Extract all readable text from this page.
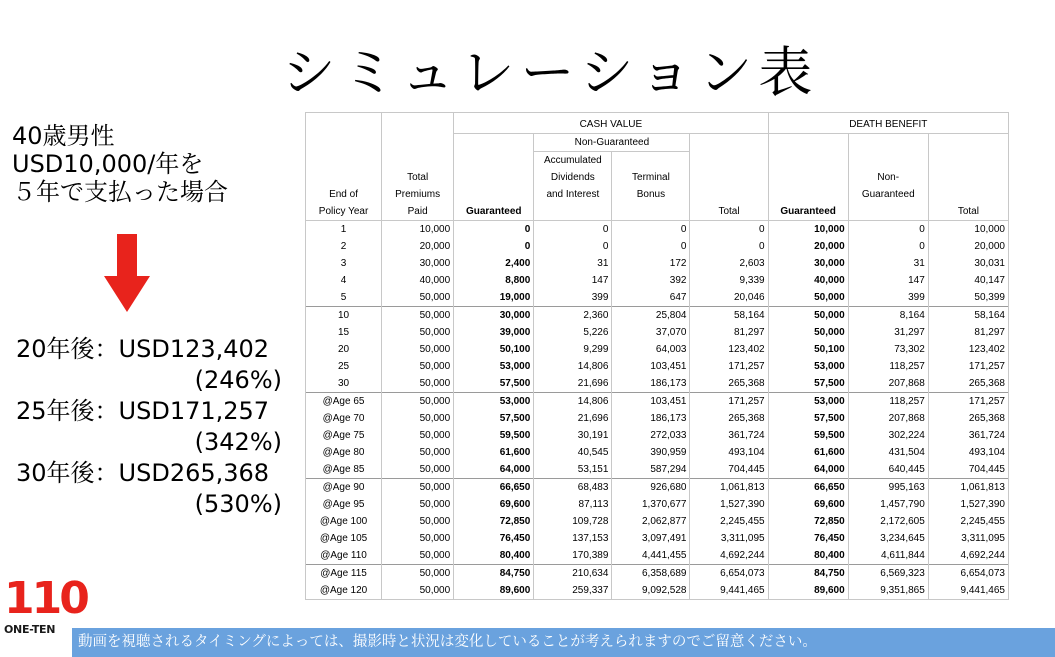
シミュレーション表
40歳男性
USD10,000/年を
５年で支払った場合
20年後：USD123,402
(246%)
25年後：USD171,257
(342%)
30年後：USD265,368
(530%)
		CASH VALUE				DEATH BENEFIT		
			Non-Guaranteed					
			Accumulated					
	Total		Dividends	Terminal			Non-	
End of	Premiums		and Interest	Bonus			Guaranteed	
Policy Year	Paid	Guaranteed			Total	Guaranteed		Total
1	10,000	0	0	0	0	10,000	0	10,000
2	20,000	0	0	0	0	20,000	0	20,000
3	30,000	2,400	31	172	2,603	30,000	31	30,031
4	40,000	8,800	147	392	9,339	40,000	147	40,147
5	50,000	19,000	399	647	20,046	50,000	399	50,399
10	50,000	30,000	2,360	25,804	58,164	50,000	8,164	58,164
15	50,000	39,000	5,226	37,070	81,297	50,000	31,297	81,297
20	50,000	50,100	9,299	64,003	123,402	50,100	73,302	123,402
25	50,000	53,000	14,806	103,451	171,257	53,000	118,257	171,257
30	50,000	57,500	21,696	186,173	265,368	57,500	207,868	265,368
@Age 65	50,000	53,000	14,806	103,451	171,257	53,000	118,257	171,257
@Age 70	50,000	57,500	21,696	186,173	265,368	57,500	207,868	265,368
@Age 75	50,000	59,500	30,191	272,033	361,724	59,500	302,224	361,724
@Age 80	50,000	61,600	40,545	390,959	493,104	61,600	431,504	493,104
@Age 85	50,000	64,000	53,151	587,294	704,445	64,000	640,445	704,445
@Age 90	50,000	66,650	68,483	926,680	1,061,813	66,650	995,163	1,061,813
@Age 95	50,000	69,600	87,113	1,370,677	1,527,390	69,600	1,457,790	1,527,390
@Age 100	50,000	72,850	109,728	2,062,877	2,245,455	72,850	2,172,605	2,245,455
@Age 105	50,000	76,450	137,153	3,097,491	3,311,095	76,450	3,234,645	3,311,095
@Age 110	50,000	80,400	170,389	4,441,455	4,692,244	80,400	4,611,844	4,692,244
@Age 115	50,000	84,750	210,634	6,358,689	6,654,073	84,750	6,569,323	6,654,073
@Age 120	50,000	89,600	259,337	9,092,528	9,441,465	89,600	9,351,865	9,441,465
110
ONE-TEN
動画を視聴されるタイミングによっては、撮影時と状況は変化していることが考えられますのでご留意ください。
